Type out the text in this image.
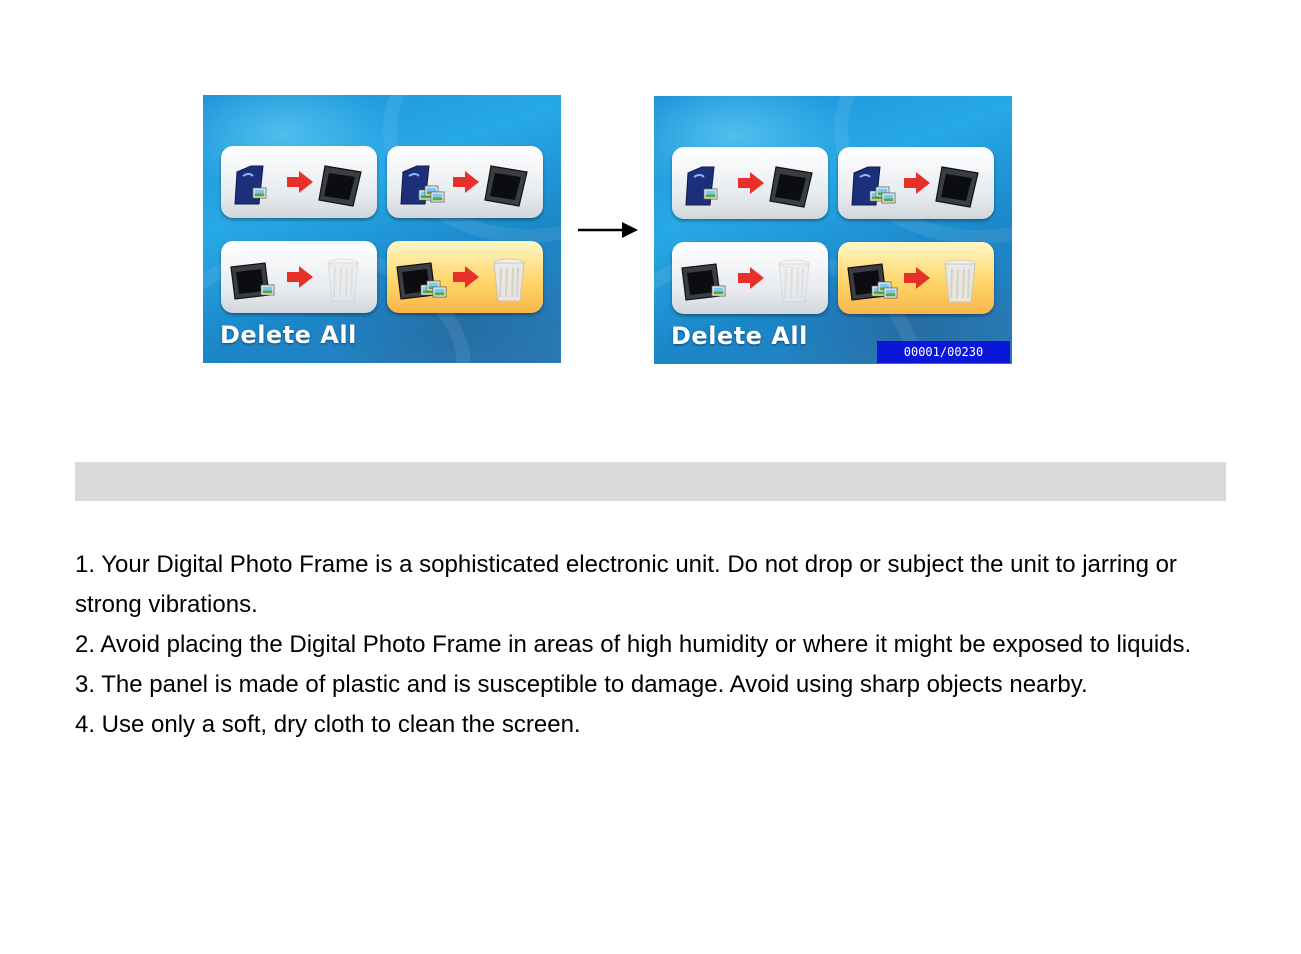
Delete All	Delete All
00001/00230

1. Your Digital Photo Frame is a sophisticated electronic unit. Do not drop or subject the unit to jarring or strong vibrations.

2. Avoid placing the Digital Photo Frame in areas of high humidity or where it might be exposed to liquids.

3. The panel is made of plastic and is susceptible to damage. Avoid using sharp objects nearby.

4. Use only a soft, dry cloth to clean the screen.
